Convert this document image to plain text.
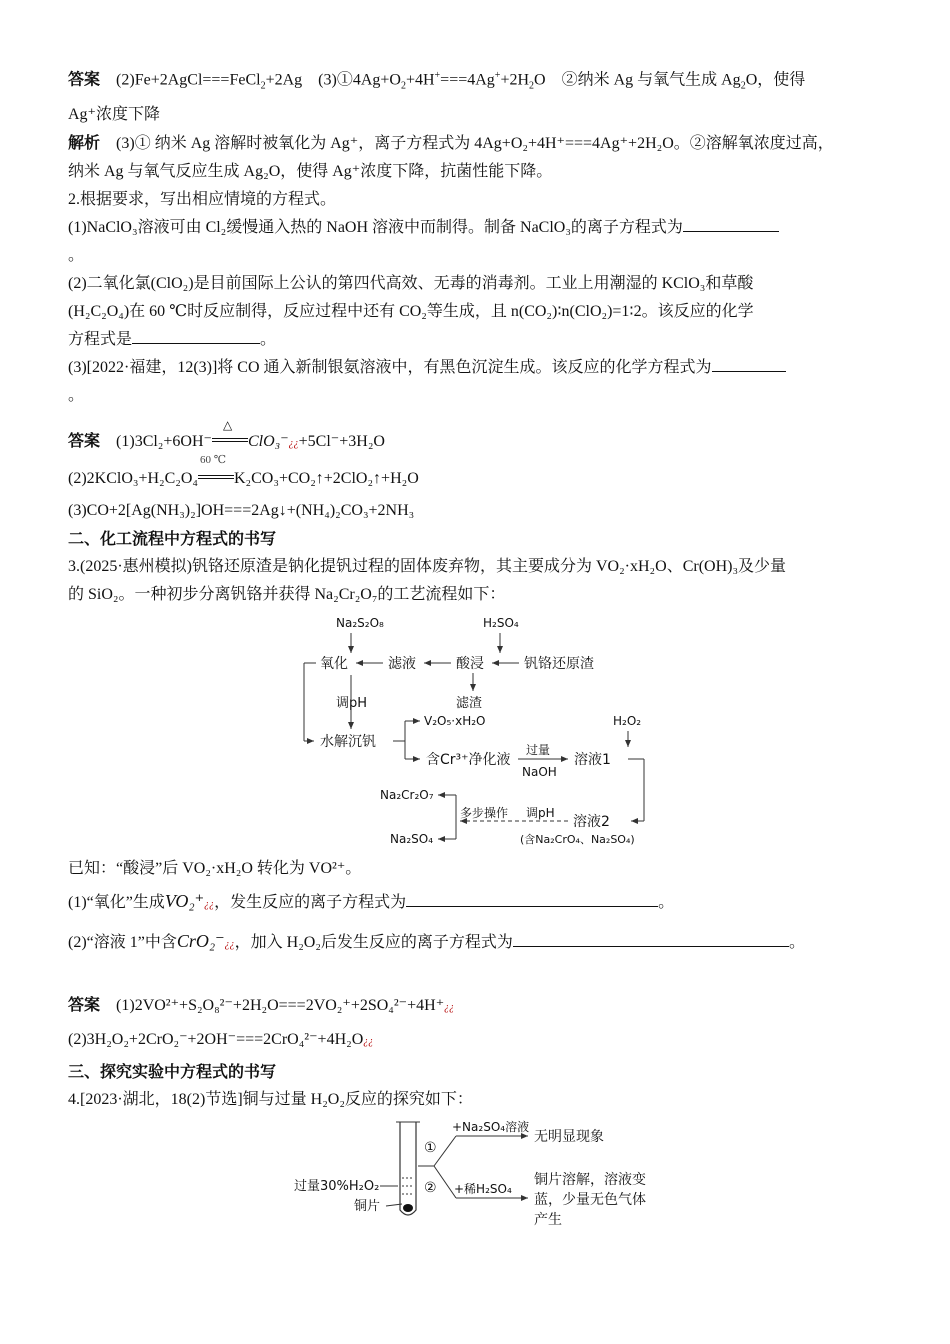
答案　 (2)Fe+2AgCl===FeCl$_2$+2Ag　$(3)①4Ag+O_2+4H^+===4Ag^++2H_2O$　②纳米 Ag 与氧气生成 $Ag_2O$，使得

Ag⁺浓度下降

解析　 (3)① 纳米 Ag 溶解时被氧化为 Ag⁺，离子方程式为 4Ag+O₂+4H⁺===4Ag⁺+2H₂O。②溶解氧浓度过高，

纳米 Ag 与氧气反应生成 Ag₂O，使得 Ag⁺浓度下降，抗菌性能下降。

2.根据要求，写出相应情境的方程式。

(1)NaClO₃溶液可由 Cl₂缓慢通入热的 NaOH 溶液中而制得。制备 NaClO₃的离子方程式为

。

(2)二氧化氯(ClO₂)是目前国际上公认的第四代高效、无毒的消毒剂。工业上用潮湿的 KClO₃和草酸

(H₂C₂O₄)在 60 ℃时反应制得，反应过程中还有 CO₂等生成，且 n(CO₂)∶n(ClO₂)=1∶2。该反应的化学

方程式是	。

(3)[2022·福建，12(3)]将 CO 通入新制银氨溶液中，有黑色沉淀生成。该反应的化学方程式为

。

答案　 (1)3Cl₂+6OH⁻
△
ClO₃⁻¿¿+5Cl⁻+3H₂O

(2)2KClO₃+H₂C₂O₄
60 ℃
K₂CO₃+CO₂↑+2ClO₂↑+H₂O

(3)CO+2[Ag(NH₃)₂]OH===2Ag↓+(NH₄)₂CO₃+2NH₃

二、化工流程中方程式的书写

3.(2025·惠州模拟)钒铬还原渣是钠化提钒过程的固体废弃物，其主要成分为 VO₂·xH₂O、Cr(OH)₃及少量

的 SiO₂。一种初步分离钒铬并获得 Na₂Cr₂O₇的工艺流程如下：

Na₂S₂O₈	H₂SO₄
氧化	滤液	酸浸	钒铬还原渣
调pH	滤渣
V₂O₅·xH₂O	H₂O₂
水解沉钒
含Cr³⁺净化液
过量
NaOH
溶液1
溶液2
(含Na₂CrO₄、Na₂SO₄)
调pH
多步操作
Na₂Cr₂O₇
Na₂SO₄

已知：“酸浸”后 VO₂·xH₂O 转化为 VO²⁺。

(1)“氧化”生成VO₂⁺¿¿，发生反应的离子方程式为	。

(2)“溶液 1”中含CrO₂⁻¿¿，加入 H₂O₂后发生反应的离子方程式为	。

答案　 (1)2VO²⁺+S₂O₈²⁻+2H₂O===2VO₂⁺+2SO₄²⁻+4H⁺¿¿

(2)3H₂O₂+2CrO₂⁻+2OH⁻===2CrO₄²⁻+4H₂O¿¿

三、探究实验中方程式的书写

4.[2023·湖北，18(2)节选]铜与过量 H₂O₂反应的探究如下：

过量30%H₂O₂
铜片
①
②
+Na₂SO₄溶液
+稀H₂SO₄
无明显现象
铜片溶解，溶液变
蓝，少量无色气体
产生
